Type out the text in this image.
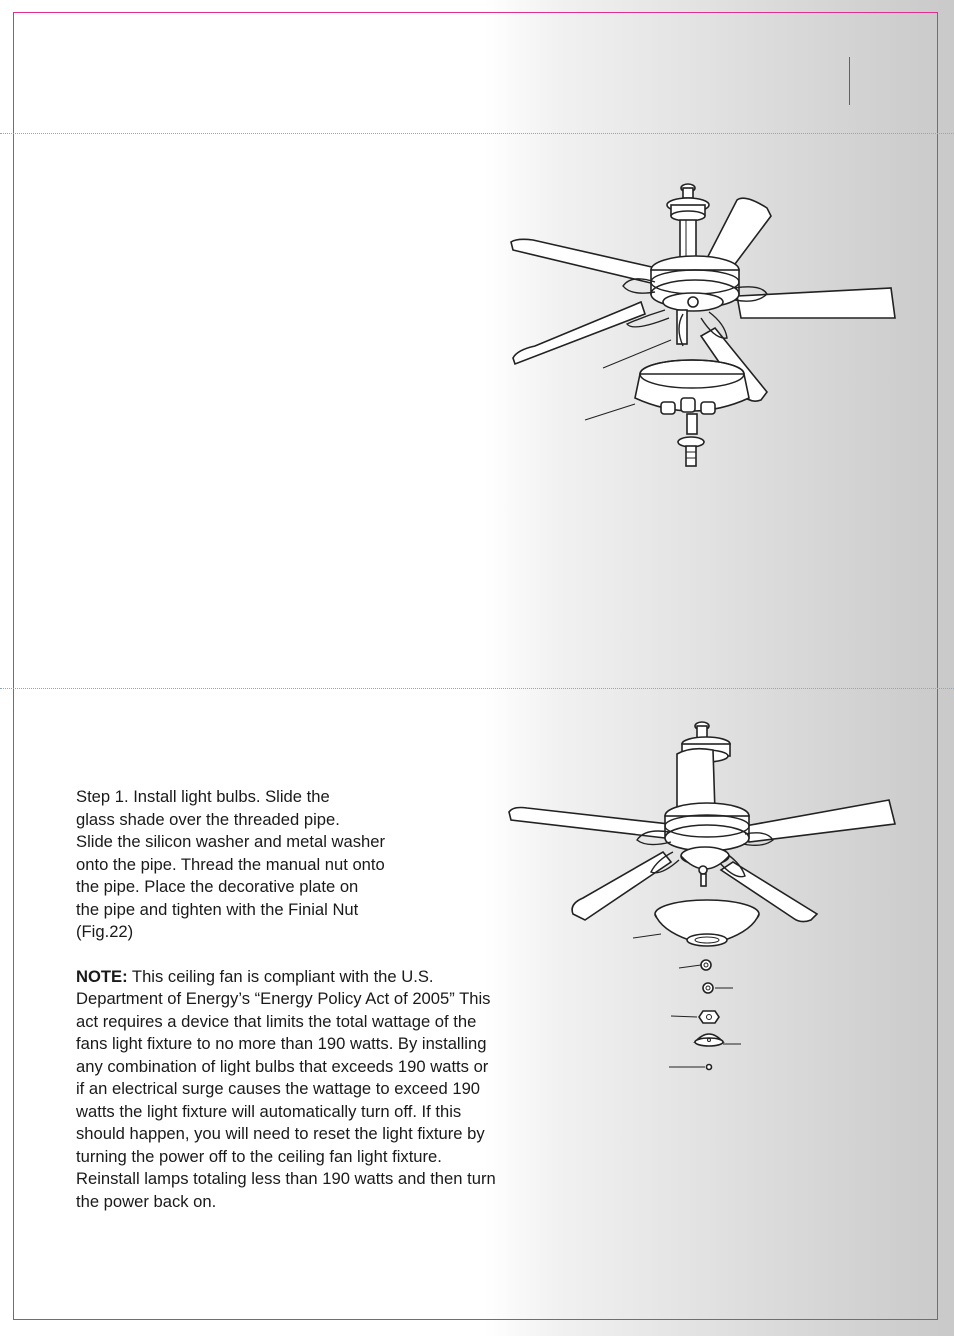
Step 1. Install light bulbs. Slide the
glass shade over the threaded pipe.
Slide the silicon washer and metal washer
onto the pipe. Thread the manual nut onto
the pipe. Place the decorative plate on
the pipe and tighten with the Finial Nut
(Fig.22)

NOTE: This ceiling fan is compliant with the U.S. Department of Energy’s “Energy Policy Act of 2005” This act requires a device that limits the total wattage of the fans light fixture to no more than 190 watts. By installing any combination of light bulbs that exceeds 190 watts or if an electrical surge causes the wattage to exceed 190 watts the light fixture will automatically turn off. If this should happen, you will need to reset the light fixture by turning the power off to the ceiling fan light fixture. Reinstall lamps totaling less than 190 watts and then turn the power back on.
